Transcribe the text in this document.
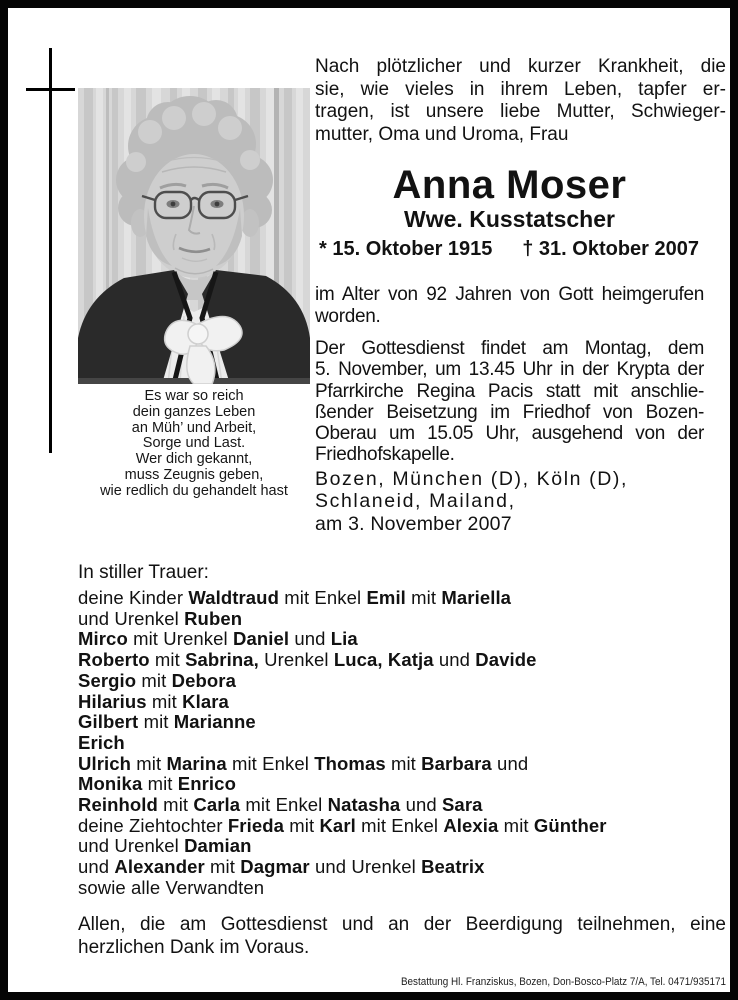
Es war so reich
dein ganzes Leben
an Müh’ und Arbeit,
Sorge und Last.
Wer dich gekannt,
muss Zeugnis geben,
wie redlich du gehandelt hast
Nach plötzlicher und kurzer Krankheit, die
sie, wie vieles in ihrem Leben, tapfer er-
tragen, ist unsere liebe Mutter, Schwieger-
mutter, Oma und Uroma, Frau
Anna Moser
Wwe. Kusstatscher
* 15. Oktober 1915 † 31. Oktober 2007
im Alter von 92 Jahren von Gott heimgerufen
worden.
Der Gottesdienst findet am Montag, dem
5. November, um 13.45 Uhr in der Krypta der
Pfarrkirche Regina Pacis statt mit anschlie-
ßender Beisetzung im Friedhof von Bozen-
Oberau um 15.05 Uhr, ausgehend von der
Friedhofskapelle.
Bozen, München (D), Köln (D),
Schlaneid, Mailand,
am 3. November 2007
In stiller Trauer:
deine Kinder Waldtraud mit Enkel Emil mit Mariella
und Urenkel Ruben
Mirco mit Urenkel Daniel und Lia
Roberto mit Sabrina, Urenkel Luca, Katja und Davide
Sergio mit Debora
Hilarius mit Klara
Gilbert mit Marianne
Erich
Ulrich mit Marina mit Enkel Thomas mit Barbara und
Monika mit Enrico
Reinhold mit Carla mit Enkel Natasha und Sara
deine Ziehtochter Frieda mit Karl mit Enkel Alexia mit Günther
und Urenkel Damian
und Alexander mit Dagmar und Urenkel Beatrix
sowie alle Verwandten
Allen, die am Gottesdienst und an der Beerdigung teilnehmen, eine
herzlichen Dank im Voraus.
Bestattung Hl. Franziskus, Bozen, Don-Bosco-Platz 7/A, Tel. 0471/935171
